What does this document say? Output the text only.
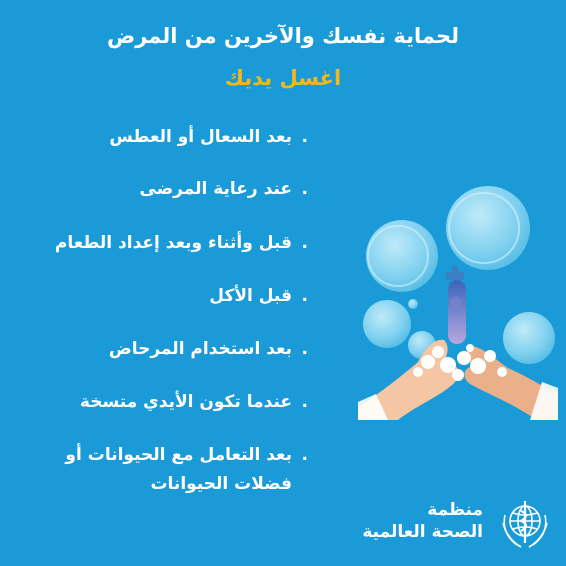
لحماية نفسك والآخرين من المرض
اغسل يديك
.بعد السعال أو العطس
.عند رعاية المرضى
.قبل وأثناء وبعد إعداد الطعام
.قبل الأكل
.بعد استخدام المرحاض
.عندما تكون الأيدي متسخة
.بعد التعامل مع الحيوانات أو
فضلات الحيوانات
منظمة
الصحة العالمية
